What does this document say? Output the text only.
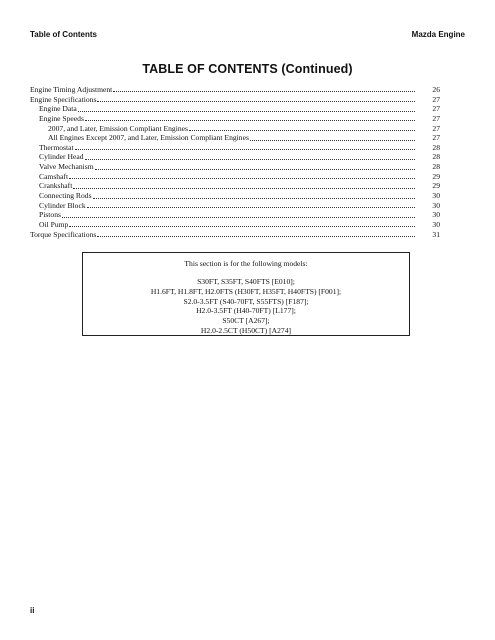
Table of Contents	Mazda Engine
TABLE OF CONTENTS (Continued)
Engine Timing Adjustment	26
Engine Specifications	27
Engine Data	27
Engine Speeds	27
2007, and Later, Emission Compliant Engines	27
All Engines Except 2007, and Later, Emission Compliant Engines	27
Thermostat	28
Cylinder Head	28
Valve Mechanism	28
Camshaft	29
Crankshaft	29
Connecting Rods	30
Cylinder Block	30
Pistons	30
Oil Pump	30
Torque Specifications	31
This section is for the following models:
S30FT, S35FT, S40FTS [E010];
H1.6FT, H1.8FT, H2.0FTS (H30FT, H35FT, H40FTS) [F001];
S2.0-3.5FT (S40-70FT, S55FTS) [F187];
H2.0-3.5FT (H40-70FT) [L177];
S50CT [A267];
H2.0-2.5CT (H50CT) [A274]
ii
